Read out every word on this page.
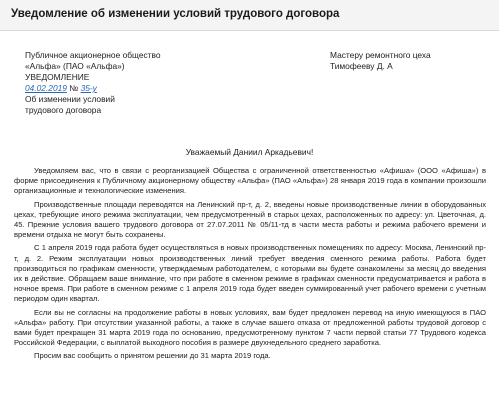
Уведомление об изменении условий трудового договора
Публичное акционерное общество
«Альфа» (ПАО «Альфа»)
УВЕДОМЛЕНИЕ
04.02.2019 № 35-у
Об изменении условий
трудового договора
Мастеру ремонтного цеха
Тимофееву Д. А
Уважаемый Даниил Аркадьевич!

Уведомляем вас, что в связи с реорганизацией Общества с ограниченной ответственностью «Афиша» (ООО «Афиша») в форме присоединения к Публичному акционерному обществу «Альфа» (ПАО «Альфа») 28 января 2019 года в компании произошли организационные и технологические изменения.

Производственные площади переводятся на Ленинский пр-т, д. 2, введены новые производственные линии в оборудованных цехах, требующие иного режима эксплуатации, чем предусмотренный в старых цехах, расположенных по адресу: ул. Цветочная, д. 45. Прежние условия вашего трудового договора от 27.07.2011 № 05/11-тд в части места работы и режима рабочего времени и времени отдыха не могут быть сохранены.

С 1 апреля 2019 года работа будет осуществляться в новых производственных помещениях по адресу: Москва, Ленинский пр-т, д. 2. Режим эксплуатации новых производственных линий требует введения сменного режима работы. Работа будет производиться по графикам сменности, утверждаемым работодателем, с которыми вы будете ознакомлены за месяц до введения их в действие. Обращаем ваше внимание, что при работе в сменном режиме в графиках сменности предусматривается и работа в ночное время. При работе в сменном режиме с 1 апреля 2019 года будет введен суммированный учет рабочего времени с учетным периодом один квартал.

Если вы не согласны на продолжение работы в новых условиях, вам будет предложен перевод на иную имеющуюся в ПАО «Альфа» работу. При отсутствии указанной работы, а также в случае вашего отказа от предложенной работы трудовой договор с вами будет прекращен 31 марта 2019 года по основанию, предусмотренному пунктом 7 части первой статьи 77 Трудового кодекса Российской Федерации, с выплатой выходного пособия в размере двухнедельного среднего заработка.

Просим вас сообщить о принятом решении до 31 марта 2019 года.
